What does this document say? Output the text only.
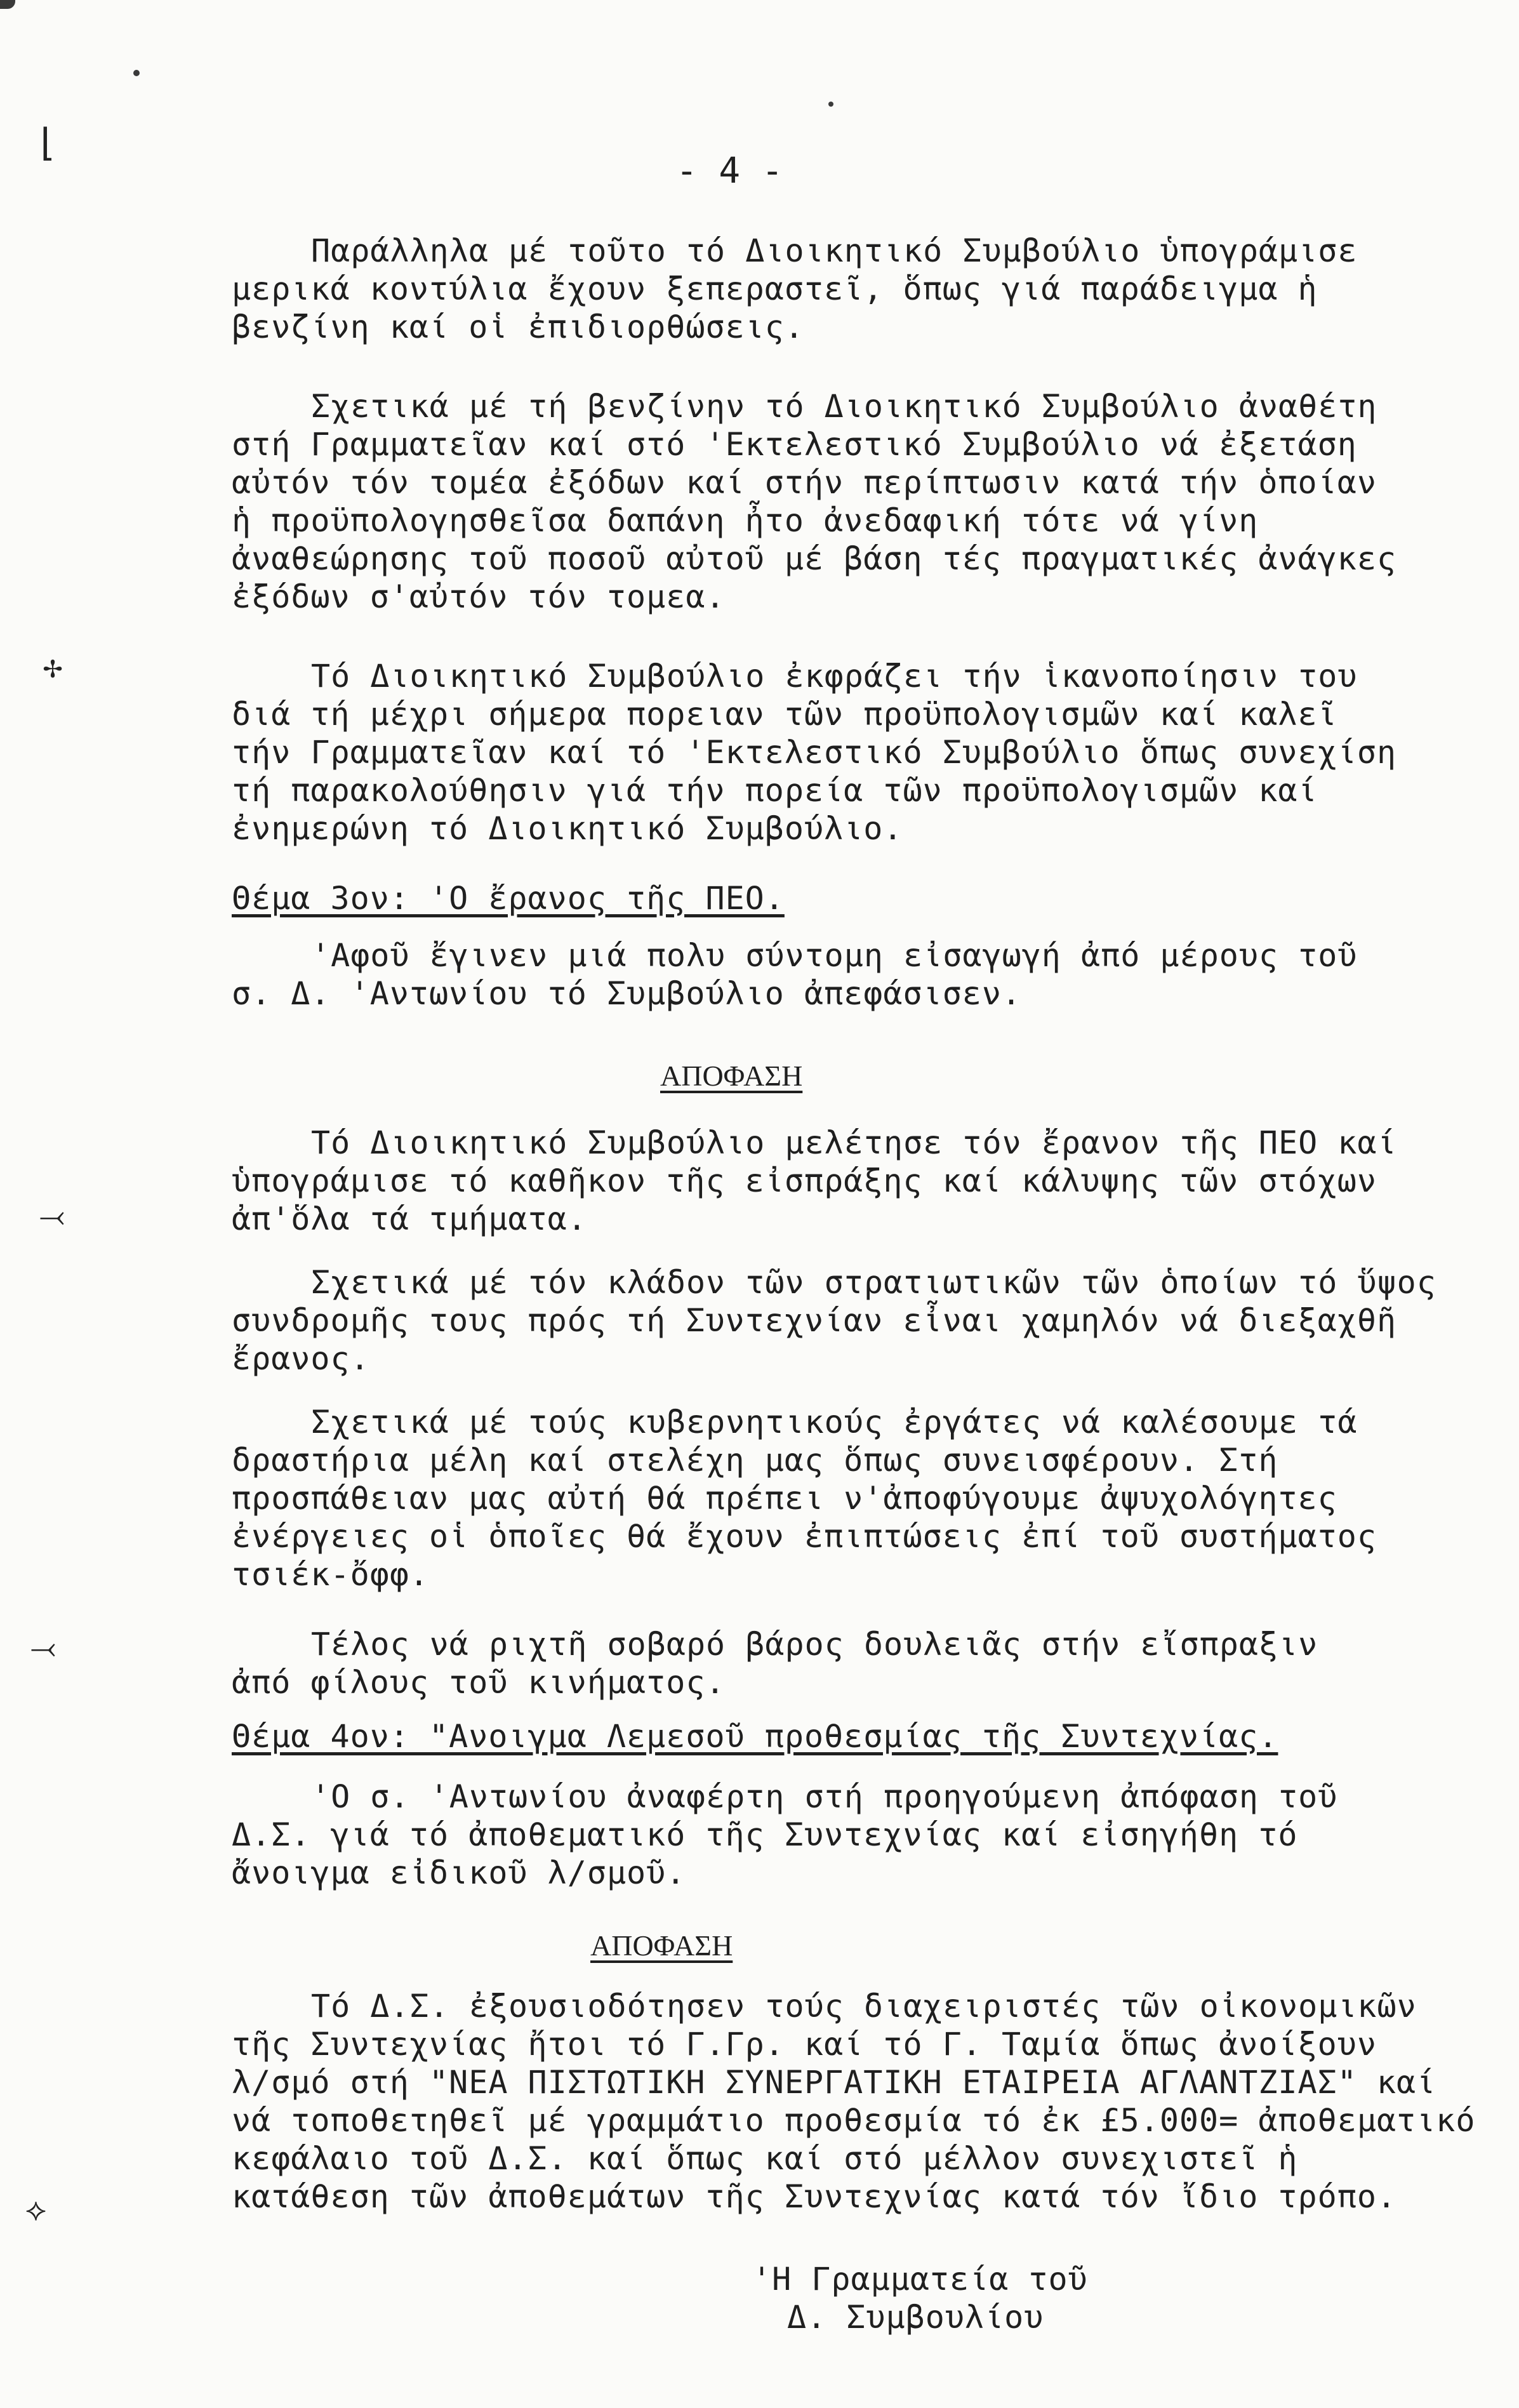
⌊
✢
⤙
⤙
⟡
- 4 -
Παράλληλα μέ τοῦτο τό Διοικητικό Συμβούλιο ὑπογράμισε
μερικά κοντύλια ἔχουν ξεπεραστεῖ, ὅπως γιά παράδειγμα ἡ
βενζίνη καί οἱ ἐπιδιορθώσεις.
Σχετικά μέ τή βενζίνην τό Διοικητικό Συμβούλιο ἀναθέτη
στή Γραμματεῖαν καί στό 'Εκτελεστικό Συμβούλιο νά ἐξετάση
αὐτόν τόν τομέα ἐξόδων καί στήν περίπτωσιν κατά τήν ὁποίαν
ἡ προϋπολογησθεῖσα δαπάνη ἦτο ἀνεδαφική τότε νά γίνη
ἀναθεώρησης τοῦ ποσοῦ αὐτοῦ μέ βάση τές πραγματικές ἀνάγκες
ἐξόδων σ'αὐτόν τόν τομεα.
Τό Διοικητικό Συμβούλιο ἐκφράζει τήν ἱκανοποίησιν του
διά τή μέχρι σήμερα πορειαν τῶν προϋπολογισμῶν καί καλεῖ
τήν Γραμματεῖαν καί τό 'Εκτελεστικό Συμβούλιο ὅπως συνεχίση
τή παρακολούθησιν γιά τήν πορεία τῶν προϋπολογισμῶν καί
ἐνημερώνη τό Διοικητικό Συμβούλιο.
Θέμα 3ον: 'Ο ἔρανος τῆς ΠΕΟ.
'Αφοῦ ἔγινεν μιά πολυ σύντομη εἰσαγωγή ἀπό μέρους τοῦ
σ. Δ. 'Αντωνίου τό Συμβούλιο ἀπεφάσισεν.
ΑΠΟΦΑΣΗ
Τό Διοικητικό Συμβούλιο μελέτησε τόν ἔρανον τῆς ΠΕΟ καί
ὑπογράμισε τό καθῆκον τῆς εἰσπράξης καί κάλυψης τῶν στόχων
ἀπ'ὅλα τά τμήματα.
Σχετικά μέ τόν κλάδον τῶν στρατιωτικῶν τῶν ὁποίων τό ὕψος
συνδρομῆς τους πρός τή Συντεχνίαν εἶναι χαμηλόν νά διεξαχθῆ
ἔρανος.
Σχετικά μέ τούς κυβερνητικούς ἐργάτες νά καλέσουμε τά
δραστήρια μέλη καί στελέχη μας ὅπως συνεισφέρουν. Στή
προσπάθειαν μας αὐτή θά πρέπει ν'ἀποφύγουμε ἀψυχολόγητες
ἐνέργειες οἱ ὁποῖες θά ἔχουν ἐπιπτώσεις ἐπί τοῦ συστήματος
τσιέκ-ὄφφ.
Τέλος νά ριχτῆ σοβαρό βάρος δουλειᾶς στήν εἴσπραξιν
ἀπό φίλους τοῦ κινήματος.
Θέμα 4ον: "Ανοιγμα Λεμεσοῦ προθεσμίας τῆς Συντεχνίας.
'Ο σ. 'Αντωνίου ἀναφέρτη στή προηγούμενη ἀπόφαση τοῦ
Δ.Σ. γιά τό ἀποθεματικό τῆς Συντεχνίας καί εἰσηγήθη τό
ἄνοιγμα εἰδικοῦ λ/σμοῦ.
ΑΠΟΦΑΣΗ
Τό Δ.Σ. ἐξουσιοδότησεν τούς διαχειριστές τῶν οἰκονομικῶν
τῆς Συντεχνίας ἤτοι τό Γ.Γρ. καί τό Γ. Ταμία ὅπως ἀνοίξουν
λ/σμό στή "ΝΕΑ ΠΙΣΤΩΤΙΚΗ ΣΥΝΕΡΓΑΤΙΚΗ ΕΤΑΙΡΕΙΑ ΑΓΛΑΝΤΖΙΑΣ" καί
νά τοποθετηθεῖ μέ γραμμάτιο προθεσμία τό ἐκ £5.000= ἀποθεματικό
κεφάλαιο τοῦ Δ.Σ. καί ὅπως καί στό μέλλον συνεχιστεῖ ἡ
κατάθεση τῶν ἀποθεμάτων τῆς Συντεχνίας κατά τόν ἴδιο τρόπο.
'Η Γραμματεία τοῦ
Δ. Συμβουλίου
